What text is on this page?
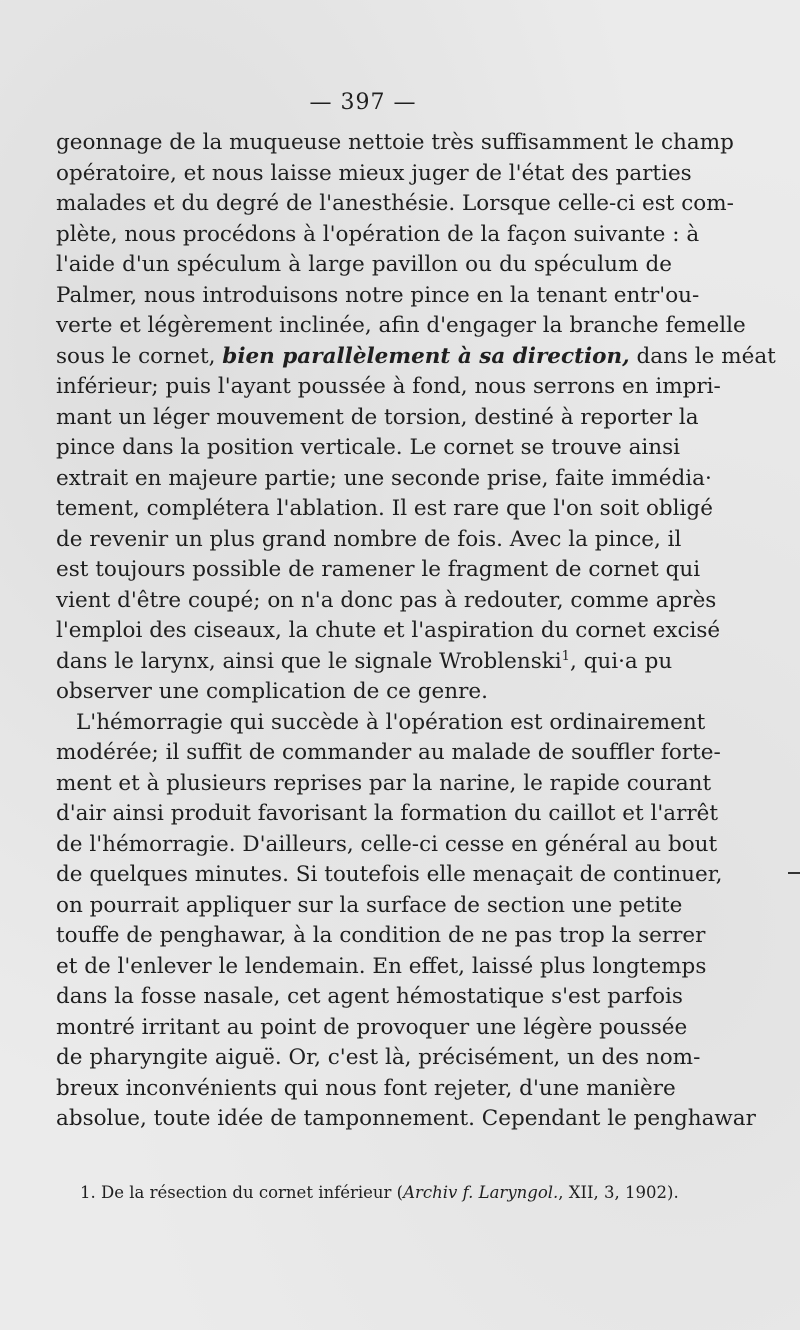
— 397 —
geonnage de la muqueuse nettoie très suffisamment le champ
opératoire, et nous laisse mieux juger de l'état des parties
malades et du degré de l'anesthésie. Lorsque celle-ci est com-
plète, nous procédons à l'opération de la façon suivante : à
l'aide d'un spéculum à large pavillon ou du spéculum de
Palmer, nous introduisons notre pince en la tenant entr'ou-
verte et légèrement inclinée, afin d'engager la branche femelle
sous le cornet, bien parallèlement à sa direction, dans le méat
inférieur; puis l'ayant poussée à fond, nous serrons en impri-
mant un léger mouvement de torsion, destiné à reporter la
pince dans la position verticale. Le cornet se trouve ainsi
extrait en majeure partie; une seconde prise, faite immédia·
tement, complétera l'ablation. Il est rare que l'on soit obligé
de revenir un plus grand nombre de fois. Avec la pince, il
est toujours possible de ramener le fragment de cornet qui
vient d'être coupé; on n'a donc pas à redouter, comme après
l'emploi des ciseaux, la chute et l'aspiration du cornet excisé
dans le larynx, ainsi que le signale Wroblenski$^1$, qui·a pu
observer une complication de ce genre.
L'hémorragie qui succède à l'opération est ordinairement
modérée; il suffit de commander au malade de souffler forte-
ment et à plusieurs reprises par la narine, le rapide courant
d'air ainsi produit favorisant la formation du caillot et l'arrêt
de l'hémorragie. D'ailleurs, celle-ci cesse en général au bout
de quelques minutes. Si toutefois elle menaçait de continuer,
on pourrait appliquer sur la surface de section une petite
touffe de penghawar, à la condition de ne pas trop la serrer
et de l'enlever le lendemain. En effet, laissé plus longtemps
dans la fosse nasale, cet agent hémostatique s'est parfois
montré irritant au point de provoquer une légère poussée
de pharyngite aiguë. Or, c'est là, précisément, un des nom-
breux inconvénients qui nous font rejeter, d'une manière
absolue, toute idée de tamponnement. Cependant le penghawar
1. De la résection du cornet inférieur (Archiv f. Laryngol., XII, 3, 1902).
